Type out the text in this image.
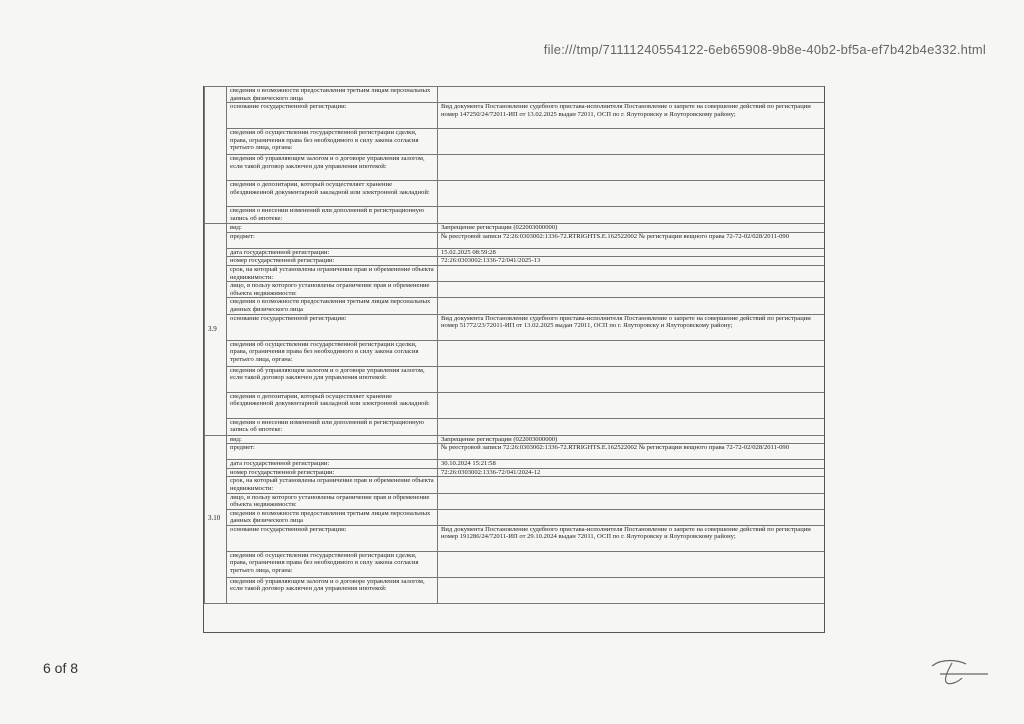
file:///tmp/71111240554122-6eb65908-9b8e-40b2-bf5a-ef7b42b4e332.html
	сведения о возможности предоставления третьим лицам персональных данных физического лица	
	основание государственной регистрации:	Вид документа Постановление судебного пристава-исполнителя Постановление о запрете на совершение действий по регистрации номер 147250/24/72011-ИП от 13.02.2025 выдан 72011, ОСП по г. Ялуторовску и Ялуторовскому району;
	сведения об осуществлении государственной регистрации сделки, права, ограничения права без необходимого в силу закона согласия третьего лица, органа:	
	сведения об управляющем залогом и о договоре управления залогом, если такой договор заключен для управления ипотекой:	
	сведения о депозитарии, который осуществляет хранение обездвиженной документарной закладной или электронной закладной:	
	сведения о внесении изменений или дополнений в регистрационную запись об ипотеке:	
3.9	вид:	Запрещение регистрации (022003000000)
	предмет:	№ реестровой записи 72:26:0303002:1336-72.RTRIGHTS.E.162522002 № регистрации вещного права 72-72-02/028/2011-090
	дата государственной регистрации:	15.02.2025 08:59:28
	номер государственной регистрации:	72:26:0303002:1336-72/041/2025-13
	срок, на который установлены ограничение прав и обременение объекта недвижимости:	
	лицо, в пользу которого установлены ограничение прав и обременение объекта недвижимости:	
	сведения о возможности предоставления третьим лицам персональных данных физического лица	
	основание государственной регистрации:	Вид документа Постановление судебного пристава-исполнителя Постановление о запрете на совершение действий по регистрации номер 51772/23/72011-ИП от 13.02.2025 выдан 72011, ОСП по г. Ялуторовску и Ялуторовскому району;
	сведения об осуществлении государственной регистрации сделки, права, ограничения права без необходимого в силу закона согласия третьего лица, органа:	
	сведения об управляющем залогом и о договоре управления залогом, если такой договор заключен для управления ипотекой:	
	сведения о депозитарии, который осуществляет хранение обездвиженной документарной закладной или электронной закладной:	
	сведения о внесении изменений или дополнений в регистрационную запись об ипотеке:	
3.10	вид:	Запрещение регистрации (022003000000)
	предмет:	№ реестровой записи 72:26:0303002:1336-72.RTRIGHTS.E.162522002 № регистрации вещного права 72-72-02/028/2011-090
	дата государственной регистрации:	30.10.2024 15:21:58
	номер государственной регистрации:	72:26:0303002:1336-72/041/2024-12
	срок, на который установлены ограничение прав и обременение объекта недвижимости:	
	лицо, в пользу которого установлены ограничение прав и обременение объекта недвижимости:	
	сведения о возможности предоставления третьим лицам персональных данных физического лица	
	основание государственной регистрации:	Вид документа Постановление судебного пристава-исполнителя Постановление о запрете на совершение действий по регистрации номер 191286/24/72011-ИП от 29.10.2024 выдан 72011, ОСП по г. Ялуторовску и Ялуторовскому району;
	сведения об осуществлении государственной регистрации сделки, права, ограничения права без необходимого в силу закона согласия третьего лица, органа:	
	сведения об управляющем залогом и о договоре управления залогом, если такой договор заключен для управления ипотекой:	
6 of 8
